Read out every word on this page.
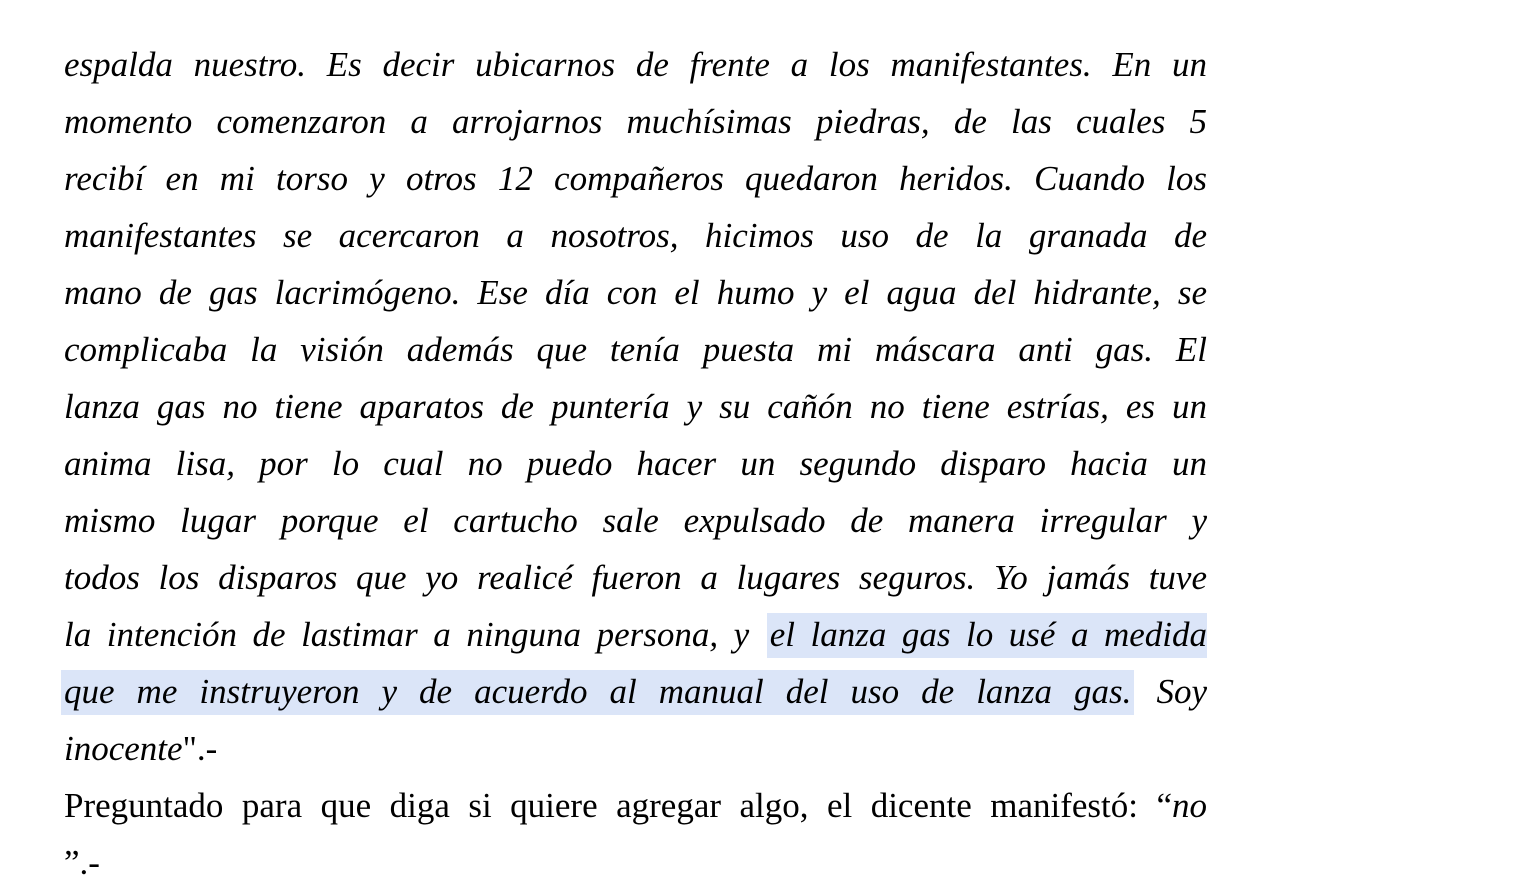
espalda nuestro. Es decir ubicarnos de frente a los manifestantes. En un
momento comenzaron a arrojarnos muchísimas piedras, de las cuales 5
recibí en mi torso y otros 12 compañeros quedaron heridos. Cuando los
manifestantes se acercaron a nosotros, hicimos uso de la granada de
mano de gas lacrimógeno. Ese día con el humo y el agua del hidrante, se
complicaba la visión además que tenía puesta mi máscara anti gas. El
lanza gas no tiene aparatos de puntería y su cañón no tiene estrías, es un
anima lisa, por lo cual no puedo hacer un segundo disparo hacia un
mismo lugar porque el cartucho sale expulsado de manera irregular y
todos los disparos que yo realicé fueron a lugares seguros. Yo jamás tuve
la intención de lastimar a ninguna persona, y el lanza gas lo usé a medida
que me instruyeron y de acuerdo al manual del uso de lanza gas. Soy
inocente".-
Preguntado para que diga si quiere agregar algo, el dicente manifestó: “no
”.-
